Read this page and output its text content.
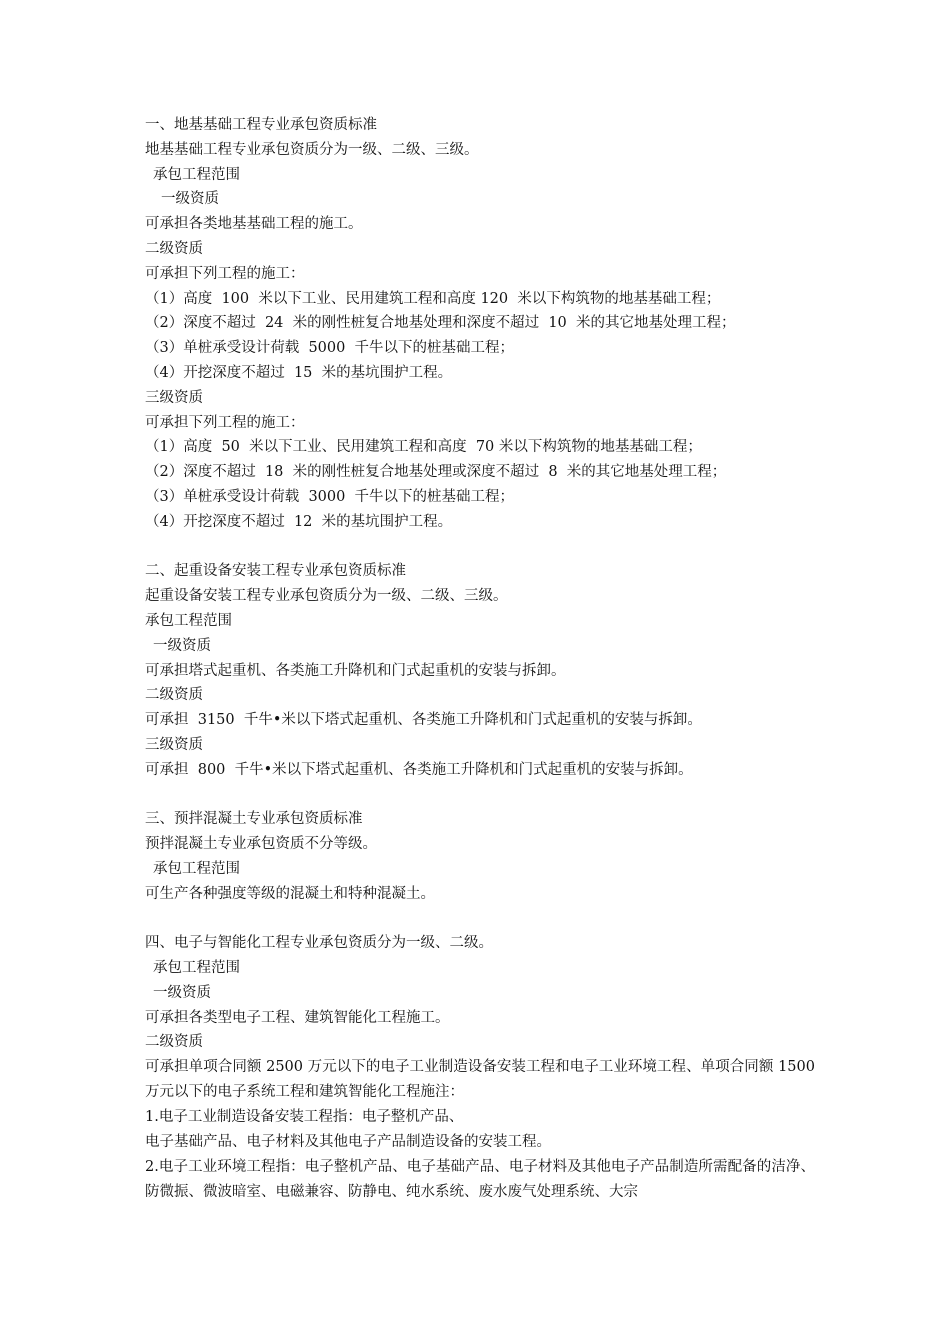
一、地基基础工程专业承包资质标准
地基基础工程专业承包资质分为一级、二级、三级。
承包工程范围
一级资质
可承担各类地基基础工程的施工。
二级资质
可承担下列工程的施工：
（1）高度  100  米以下工业、民用建筑工程和高度 120  米以下构筑物的地基基础工程；
（2）深度不超过  24  米的刚性桩复合地基处理和深度不超过  10  米的其它地基处理工程；
（3）单桩承受设计荷载  5000  千牛以下的桩基础工程；
（4）开挖深度不超过  15  米的基坑围护工程。
三级资质
可承担下列工程的施工：
（1）高度  50  米以下工业、民用建筑工程和高度  70 米以下构筑物的地基基础工程；
（2）深度不超过  18  米的刚性桩复合地基处理或深度不超过  8  米的其它地基处理工程；
（3）单桩承受设计荷载  3000  千牛以下的桩基础工程；
（4）开挖深度不超过  12  米的基坑围护工程。
二、起重设备安装工程专业承包资质标准
起重设备安装工程专业承包资质分为一级、二级、三级。
承包工程范围
一级资质
可承担塔式起重机、各类施工升降机和门式起重机的安装与拆卸。
二级资质
可承担  3150  千牛•米以下塔式起重机、各类施工升降机和门式起重机的安装与拆卸。
三级资质
可承担  800  千牛•米以下塔式起重机、各类施工升降机和门式起重机的安装与拆卸。
三、预拌混凝土专业承包资质标准
预拌混凝土专业承包资质不分等级。
承包工程范围
可生产各种强度等级的混凝土和特种混凝土。
四、电子与智能化工程专业承包资质分为一级、二级。
承包工程范围
一级资质
可承担各类型电子工程、建筑智能化工程施工。
二级资质
可承担单项合同额 2500 万元以下的电子工业制造设备安装工程和电子工业环境工程、单项合同额 1500 万元以下的电子系统工程和建筑智能化工程施注：
1.电子工业制造设备安装工程指：电子整机产品、
电子基础产品、电子材料及其他电子产品制造设备的安装工程。
2.电子工业环境工程指：电子整机产品、电子基础产品、电子材料及其他电子产品制造所需配备的洁净、防微振、微波暗室、电磁兼容、防静电、纯水系统、废水废气处理系统、大宗
